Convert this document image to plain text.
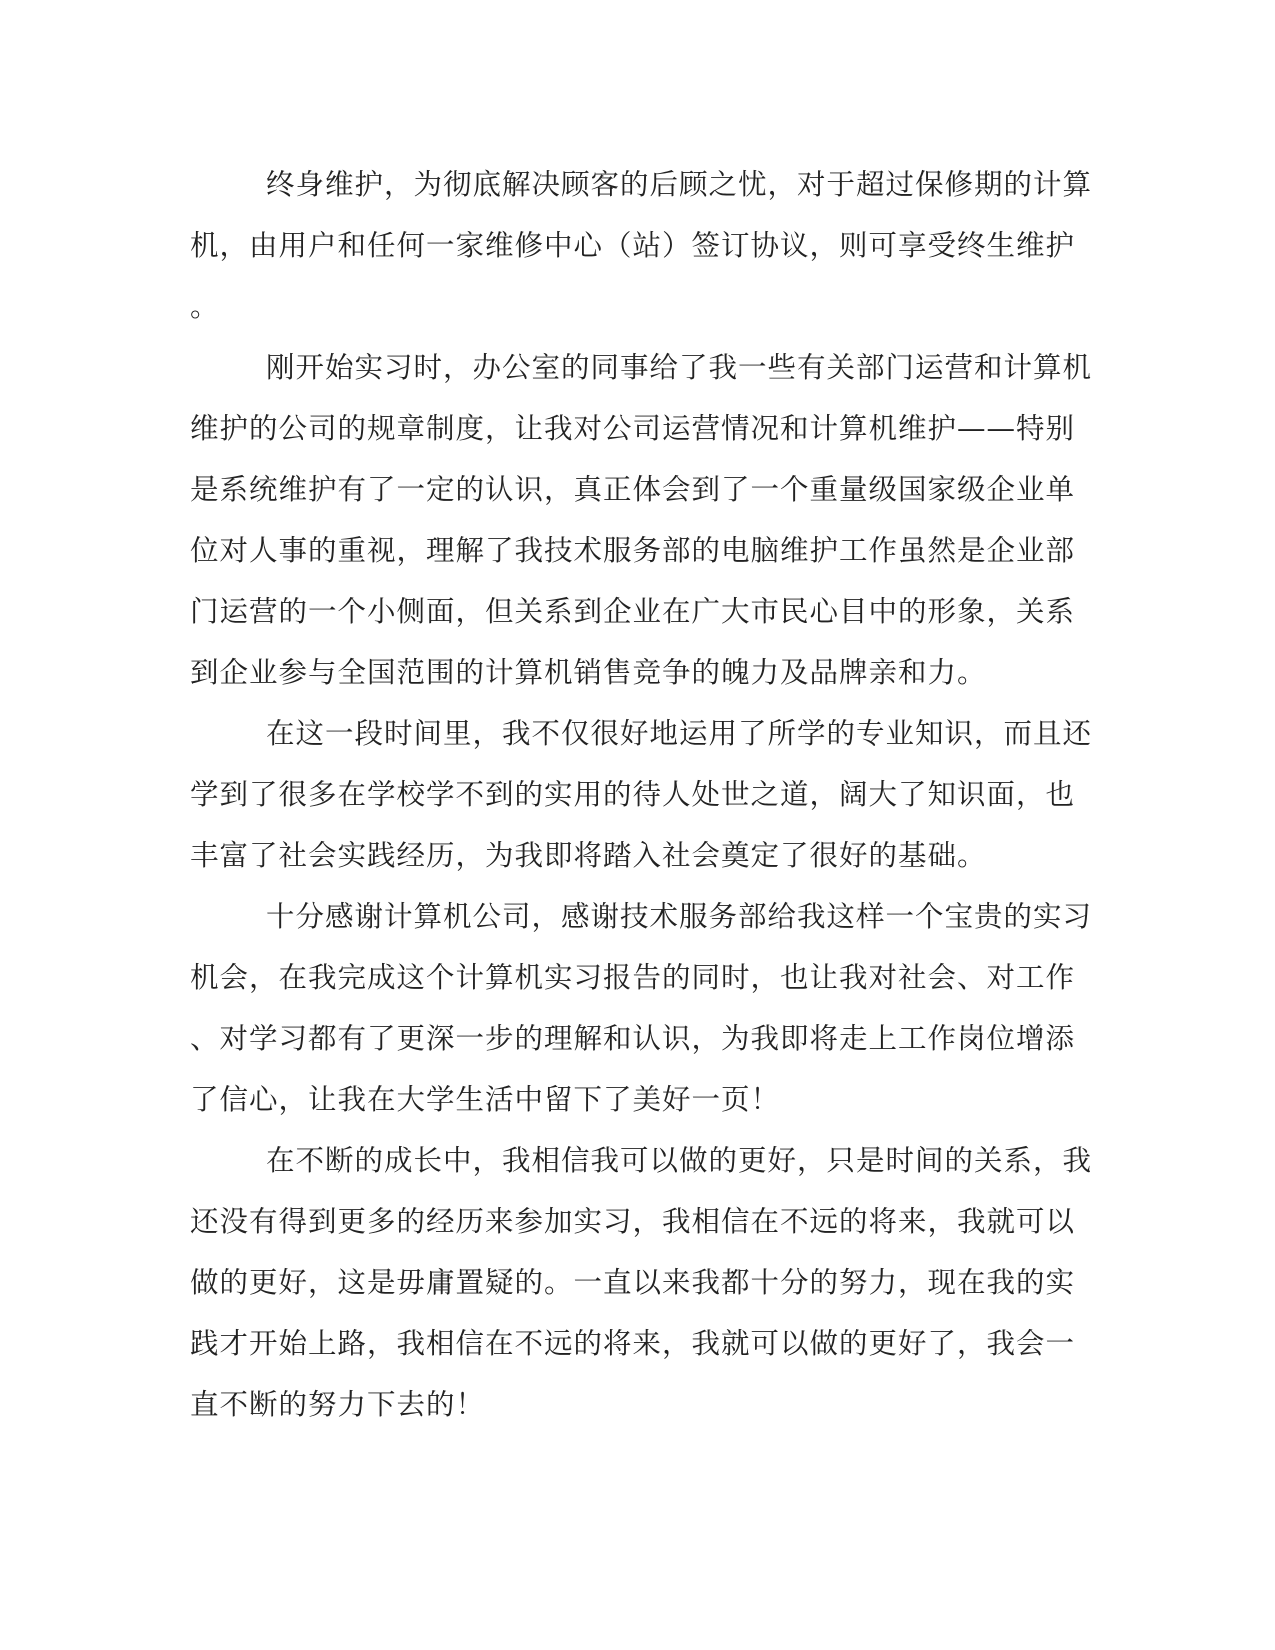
终身维护，为彻底解决顾客的后顾之忧，对于超过保修期的计算
机，由用户和任何一家维修中心（站）签订协议，则可享受终生维护
。
刚开始实习时，办公室的同事给了我一些有关部门运营和计算机
维护的公司的规章制度，让我对公司运营情况和计算机维护——特别
是系统维护有了一定的认识，真正体会到了一个重量级国家级企业单
位对人事的重视，理解了我技术服务部的电脑维护工作虽然是企业部
门运营的一个小侧面，但关系到企业在广大市民心目中的形象，关系
到企业参与全国范围的计算机销售竞争的魄力及品牌亲和力。
在这一段时间里，我不仅很好地运用了所学的专业知识，而且还
学到了很多在学校学不到的实用的待人处世之道，阔大了知识面，也
丰富了社会实践经历，为我即将踏入社会奠定了很好的基础。
十分感谢计算机公司，感谢技术服务部给我这样一个宝贵的实习
机会，在我完成这个计算机实习报告的同时，也让我对社会、对工作
、对学习都有了更深一步的理解和认识，为我即将走上工作岗位增添
了信心，让我在大学生活中留下了美好一页！
在不断的成长中，我相信我可以做的更好，只是时间的关系，我
还没有得到更多的经历来参加实习，我相信在不远的将来，我就可以
做的更好，这是毋庸置疑的。一直以来我都十分的努力，现在我的实
践才开始上路，我相信在不远的将来，我就可以做的更好了，我会一
直不断的努力下去的！
